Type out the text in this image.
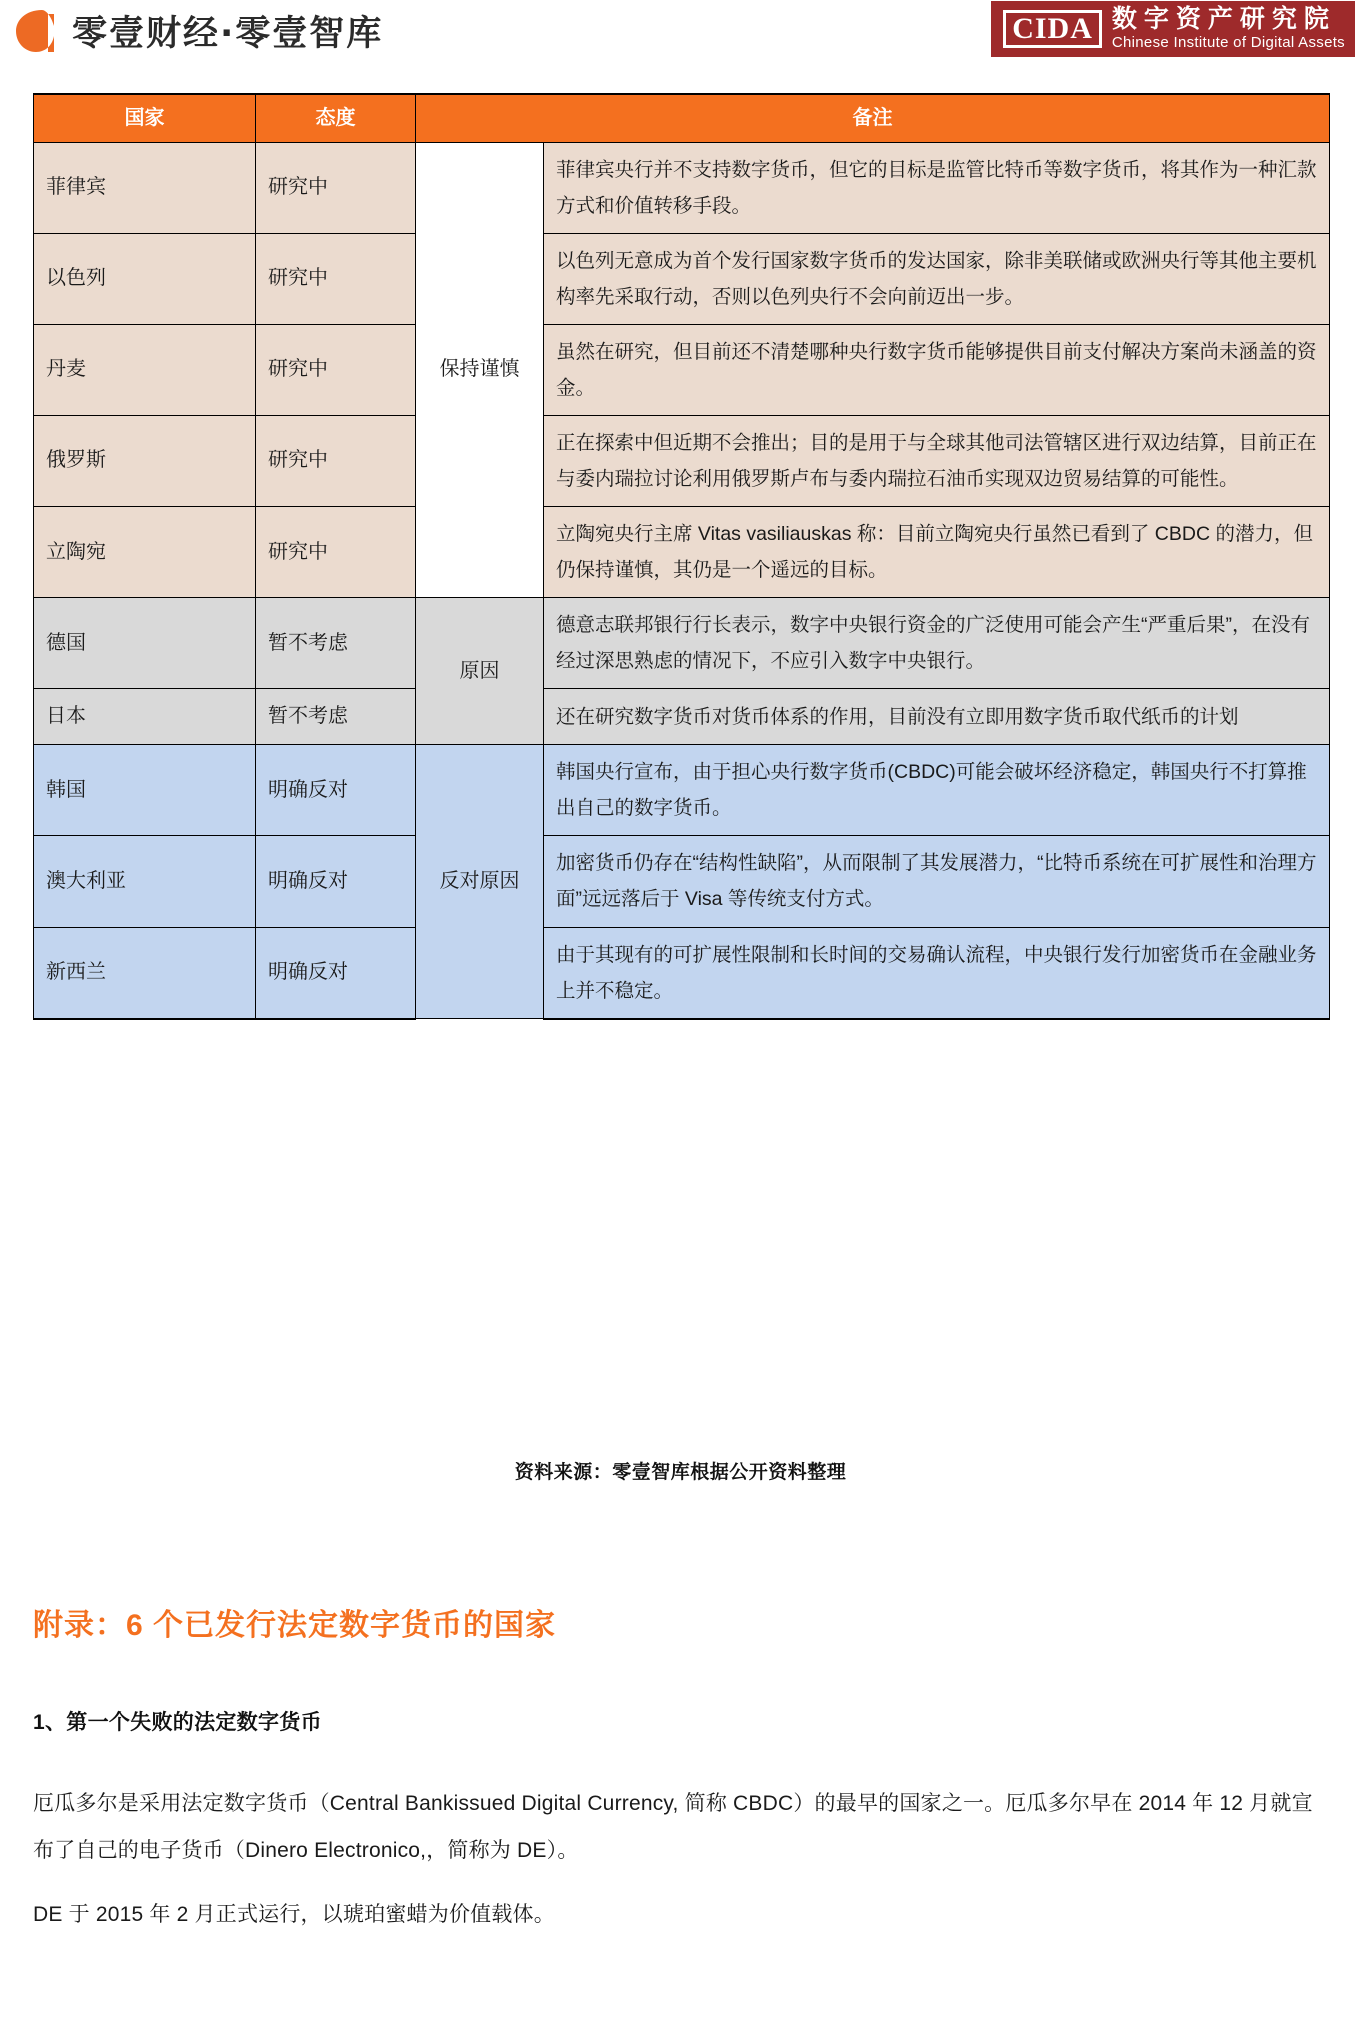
零壹财经·零壹智库	CIDA 数字资产研究院
Chinese Institute of Digital Assets
国家	态度	备注	
菲律宾	研究中	保持谨慎	菲律宾央行并不支持数字货币，但它的目标是监管比特币等数字货币，将其作为一种汇款方式和价值转移手段。
以色列	研究中		以色列无意成为首个发行国家数字货币的发达国家，除非美联储或欧洲央行等其他主要机构率先采取行动，否则以色列央行不会向前迈出一步。
丹麦	研究中		虽然在研究，但目前还不清楚哪种央行数字货币能够提供目前支付解决方案尚未涵盖的资金。
俄罗斯	研究中		正在探索中但近期不会推出；目的是用于与全球其他司法管辖区进行双边结算，目前正在与委内瑞拉讨论利用俄罗斯卢布与委内瑞拉石油币实现双边贸易结算的可能性。
立陶宛	研究中		立陶宛央行主席 Vitas vasiliauskas 称：目前立陶宛央行虽然已看到了 CBDC 的潜力，但仍保持谨慎，其仍是一个遥远的目标。
德国	暂不考虑	原因	德意志联邦银行行长表示，数字中央银行资金的广泛使用可能会产生“严重后果”，在没有经过深思熟虑的情况下，不应引入数字中央银行。
日本	暂不考虑		还在研究数字货币对货币体系的作用，目前没有立即用数字货币取代纸币的计划
韩国	明确反对	反对原因	韩国央行宣布，由于担心央行数字货币(CBDC)可能会破坏经济稳定，韩国央行不打算推出自己的数字货币。
澳大利亚	明确反对		加密货币仍存在“结构性缺陷”，从而限制了其发展潜力，“比特币系统在可扩展性和治理方面”远远落后于 Visa 等传统支付方式。
新西兰	明确反对		由于其现有的可扩展性限制和长时间的交易确认流程，中央银行发行加密货币在金融业务上并不稳定。
资料来源：零壹智库根据公开资料整理
附录：6 个已发行法定数字货币的国家
1、第一个失败的法定数字货币

厄瓜多尔是采用法定数字货币（Central Bankissued Digital Currency, 简称 CBDC）的最早的国家之一。厄瓜多尔早在 2014 年 12 月就宣布了自己的电子货币（Dinero Electronico,，简称为 DE）。

DE 于 2015 年 2 月正式运行，以琥珀蜜蜡为价值载体。
